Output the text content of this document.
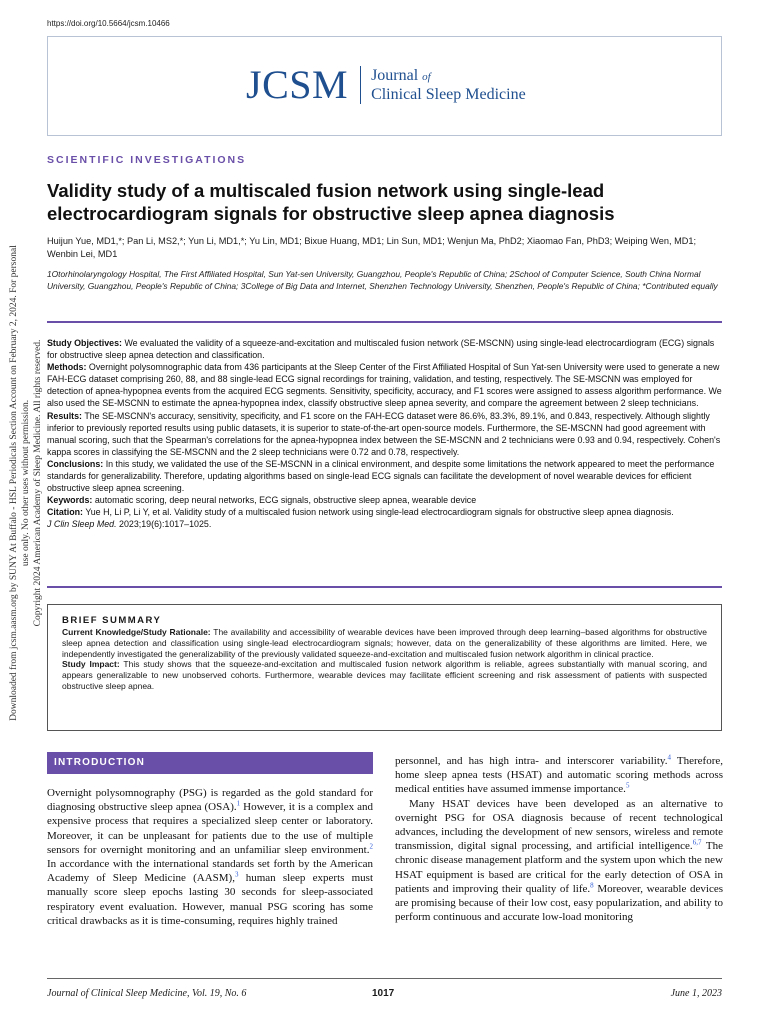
https://doi.org/10.5664/jcsm.10466
JCSM Journal of
Clinical Sleep Medicine
Downloaded from jcsm.aasm.org by SUNY At Buffalo - HSL Periodicals Section Account on February 2, 2024. For personal use only. No other uses without permission. Copyright 2024 American Academy of Sleep Medicine. All rights reserved.
SCIENTIFIC INVESTIGATIONS
Validity study of a multiscaled fusion network using single-lead electrocardiogram signals for obstructive sleep apnea diagnosis
Huijun Yue, MD1,*; Pan Li, MS2,*; Yun Li, MD1,*; Yu Lin, MD1; Bixue Huang, MD1; Lin Sun, MD1; Wenjun Ma, PhD2; Xiaomao Fan, PhD3; Weiping Wen, MD1; Wenbin Lei, MD1
1Otorhinolaryngology Hospital, The First Affiliated Hospital, Sun Yat-sen University, Guangzhou, People's Republic of China; 2School of Computer Science, South China Normal University, Guangzhou, People's Republic of China; 3College of Big Data and Internet, Shenzhen Technology University, Shenzhen, People's Republic of China; *Contributed equally

Study Objectives: We evaluated the validity of a squeeze-and-excitation and multiscaled fusion network (SE-MSCNN) using single-lead electrocardiogram (ECG) signals for obstructive sleep apnea detection and classification.

Methods: Overnight polysomnographic data from 436 participants at the Sleep Center of the First Affiliated Hospital of Sun Yat-sen University were used to generate a new FAH-ECG dataset comprising 260, 88, and 88 single-lead ECG signal recordings for training, validation, and testing, respectively. The SE-MSCNN was employed for detection of apnea-hypopnea events from the acquired ECG segments. Sensitivity, specificity, accuracy, and F1 scores were assigned to assess algorithm performance. We also used the SE-MSCNN to estimate the apnea-hypopnea index, classify obstructive sleep apnea severity, and compare the agreement between 2 sleep technicians.

Results: The SE-MSCNN's accuracy, sensitivity, specificity, and F1 score on the FAH-ECG dataset were 86.6%, 83.3%, 89.1%, and 0.843, respectively. Although slightly inferior to previously reported results using public datasets, it is superior to state-of-the-art open-source models. Furthermore, the SE-MSCNN had good agreement with manual scoring, such that the Spearman's correlations for the apnea-hypopnea index between the SE-MSCNN and 2 technicians were 0.93 and 0.94, respectively. Cohen's kappa scores in classifying the SE-MSCNN and the 2 sleep technicians were 0.72 and 0.78, respectively.

Conclusions: In this study, we validated the use of the SE-MSCNN in a clinical environment, and despite some limitations the network appeared to meet the performance standards for generalizability. Therefore, updating algorithms based on single-lead ECG signals can facilitate the development of novel wearable devices for efficient obstructive sleep apnea screening.

Keywords: automatic scoring, deep neural networks, ECG signals, obstructive sleep apnea, wearable device

Citation: Yue H, Li P, Li Y, et al. Validity study of a multiscaled fusion network using single-lead electrocardiogram signals for obstructive sleep apnea diagnosis.
J Clin Sleep Med. 2023;19(6):1017–1025.

BRIEF SUMMARY

Current Knowledge/Study Rationale: The availability and accessibility of wearable devices have been improved through deep learning–based algorithms for obstructive sleep apnea detection and classification using single-lead electrocardiogram signals; however, data on the generalizability of these algorithms are limited. Here, we independently investigated the generalizability of the previously validated squeeze-and-excitation and multiscaled fusion network algorithm in clinical practice.

Study Impact: This study shows that the squeeze-and-excitation and multiscaled fusion network algorithm is reliable, agrees substantially with manual scoring, and appears generalizable to new unobserved cohorts. Furthermore, wearable devices may facilitate efficient screening and risk assessment of patients with suspected obstructive sleep apnea.

INTRODUCTION

Overnight polysomnography (PSG) is regarded as the gold standard for diagnosing obstructive sleep apnea (OSA).$^1$ However, it is a complex and expensive process that requires a specialized sleep center or laboratory. Moreover, it can be unpleasant for patients due to the use of multiple sensors for overnight monitoring and an unfamiliar sleep environment.$^2$ In accordance with the international standards set forth by the American Academy of Sleep Medicine (AASM),$^3$ human sleep experts must manually score sleep epochs lasting 30 seconds for sleep-associated respiratory event evaluation. However, manual PSG scoring has some critical drawbacks as it is time-consuming, requires highly trained

personnel, and has high intra- and interscorer variability.$^4$ Therefore, home sleep apnea tests (HSAT) and automatic scoring methods across medical entities have assumed immense importance.$^5$

Many HSAT devices have been developed as an alternative to overnight PSG for OSA diagnosis because of recent technological advances, including the development of new sensors, wireless and remote transmission, digital signal processing, and artificial intelligence.$^{6,7}$ The chronic disease management platform and the system upon which the new HSAT equipment is based are critical for the early detection of OSA in patients and improving their quality of life.$^8$ Moreover, wearable devices are promising because of their low cost, easy popularization, and ability to perform continuous and accurate low-load monitoring

Journal of Clinical Sleep Medicine, Vol. 19, No. 6	1017	June 1, 2023
